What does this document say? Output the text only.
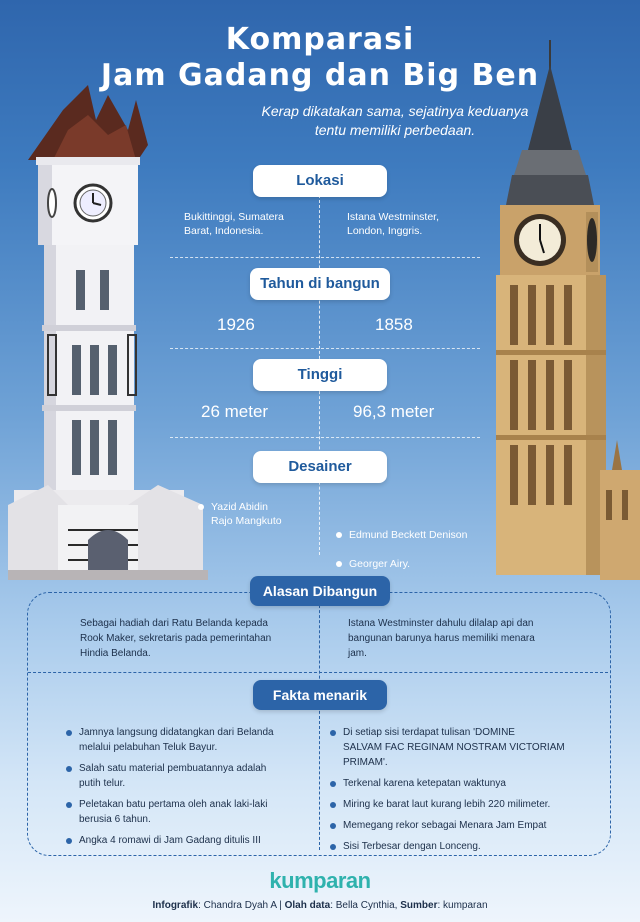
Komparasi
Jam Gadang dan Big Ben
Kerap dikatakan sama, sejatinya keduanya
tentu memiliki perbedaan.
Lokasi
Bukittinggi, Sumatera
Barat, Indonesia.
Istana Westminster,
London, Inggris.
Tahun di bangun
1926	1858
Tinggi
26 meter	96,3 meter
Desainer
Yazid Abidin
Rajo Mangkuto
Edmund Beckett Denison
Georger Airy.
Alasan Dibangun
Sebagai hadiah dari Ratu Belanda kepada
Rook Maker, sekretaris pada pemerintahan
Hindia Belanda.
Istana Westminster dahulu dilalap api dan
bangunan barunya harus memiliki menara
jam.
Fakta menarik
Jamnya langsung didatangkan dari Belanda
melalui pelabuhan Teluk Bayur.
Salah satu material pembuatannya adalah
putih telur.
Peletakan batu pertama oleh anak laki-laki
berusia 6 tahun.
Angka 4 romawi di Jam Gadang ditulis III
Di setiap sisi terdapat tulisan 'DOMINE
SALVAM FAC REGINAM NOSTRAM VICTORIAM
PRIMAM'.
Terkenal karena ketepatan waktunya
Miring ke barat laut kurang lebih 220 milimeter.
Memegang rekor sebagai Menara Jam Empat
Sisi Terbesar dengan Lonceng.
kumparan
Infografik: Chandra Dyah A | Olah data: Bella Cynthia, Sumber: kumparan
